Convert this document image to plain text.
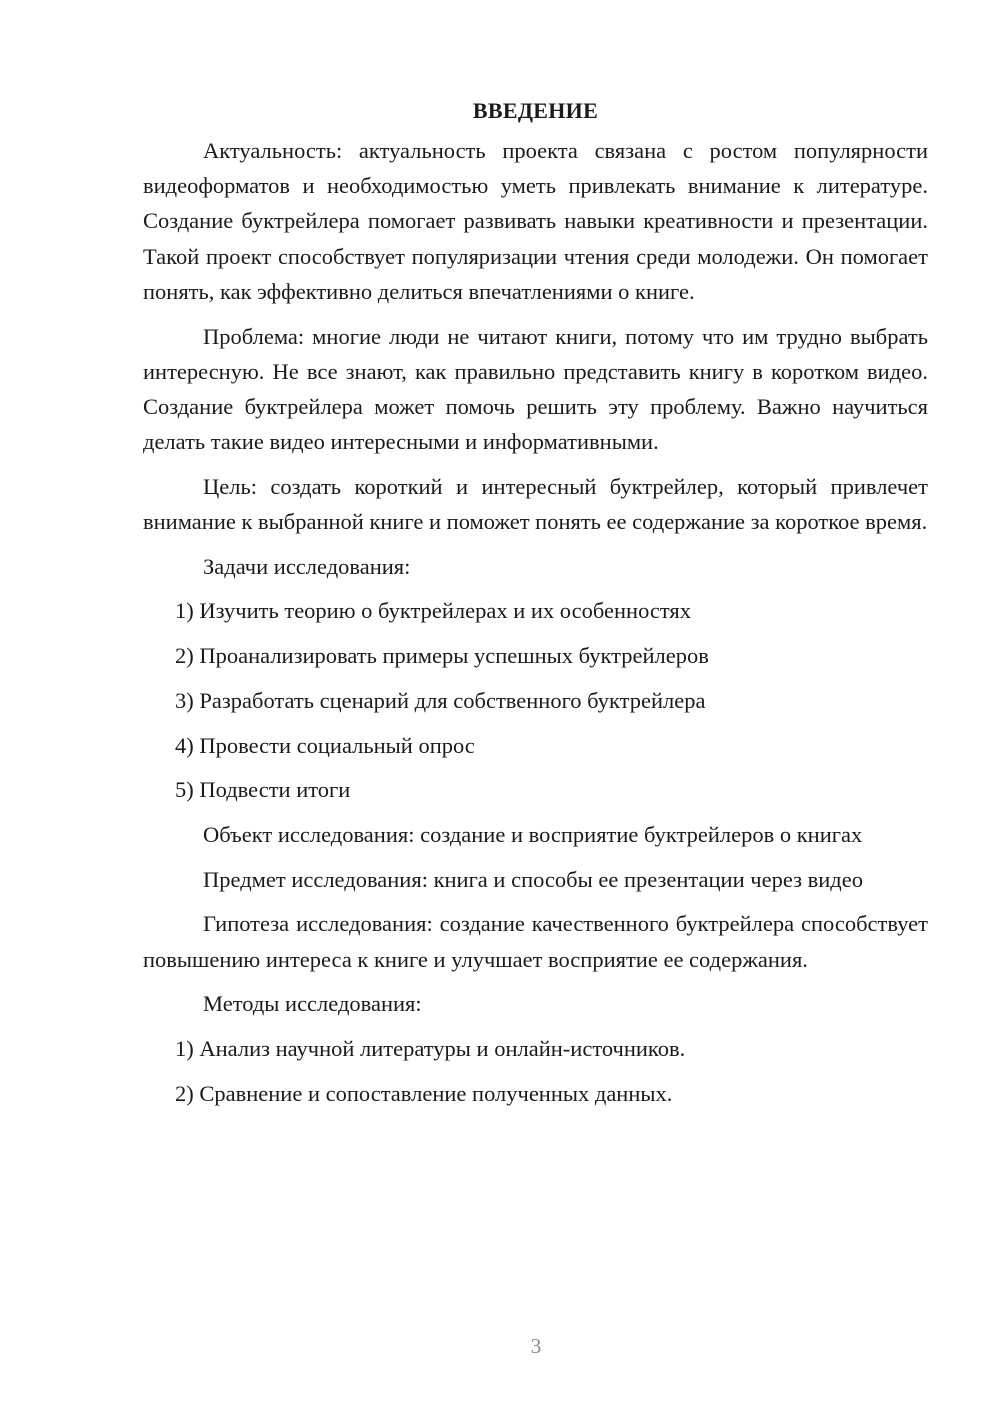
ВВЕДЕНИЕ

Актуальность: актуальность проекта связана с ростом популярности видеоформатов и необходимостью уметь привлекать внимание к литературе. Создание буктрейлера помогает развивать навыки креативности и презентации. Такой проект способствует популяризации чтения среди молодежи. Он помогает понять, как эффективно делиться впечатлениями о книге.

Проблема: многие люди не читают книги, потому что им трудно выбрать интересную. Не все знают, как правильно представить книгу в коротком видео. Создание буктрейлера может помочь решить эту проблему. Важно научиться делать такие видео интересными и информативными.

Цель: создать короткий и интересный буктрейлер, который привлечет внимание к выбранной книге и поможет понять ее содержание за короткое время.

Задачи исследования:

1) Изучить теорию о буктрейлерах и их особенностях
2) Проанализировать примеры успешных буктрейлеров
3) Разработать сценарий для собственного буктрейлера
4) Провести социальный опрос
5) Подвести итоги

Объект исследования: создание и восприятие буктрейлеров о книгах

Предмет исследования: книга и способы ее презентации через видео

Гипотеза исследования: создание качественного буктрейлера способствует повышению интереса к книге и улучшает восприятие ее содержания.

Методы исследования:

1) Анализ научной литературы и онлайн-источников.
2) Сравнение и сопоставление полученных данных.
3
